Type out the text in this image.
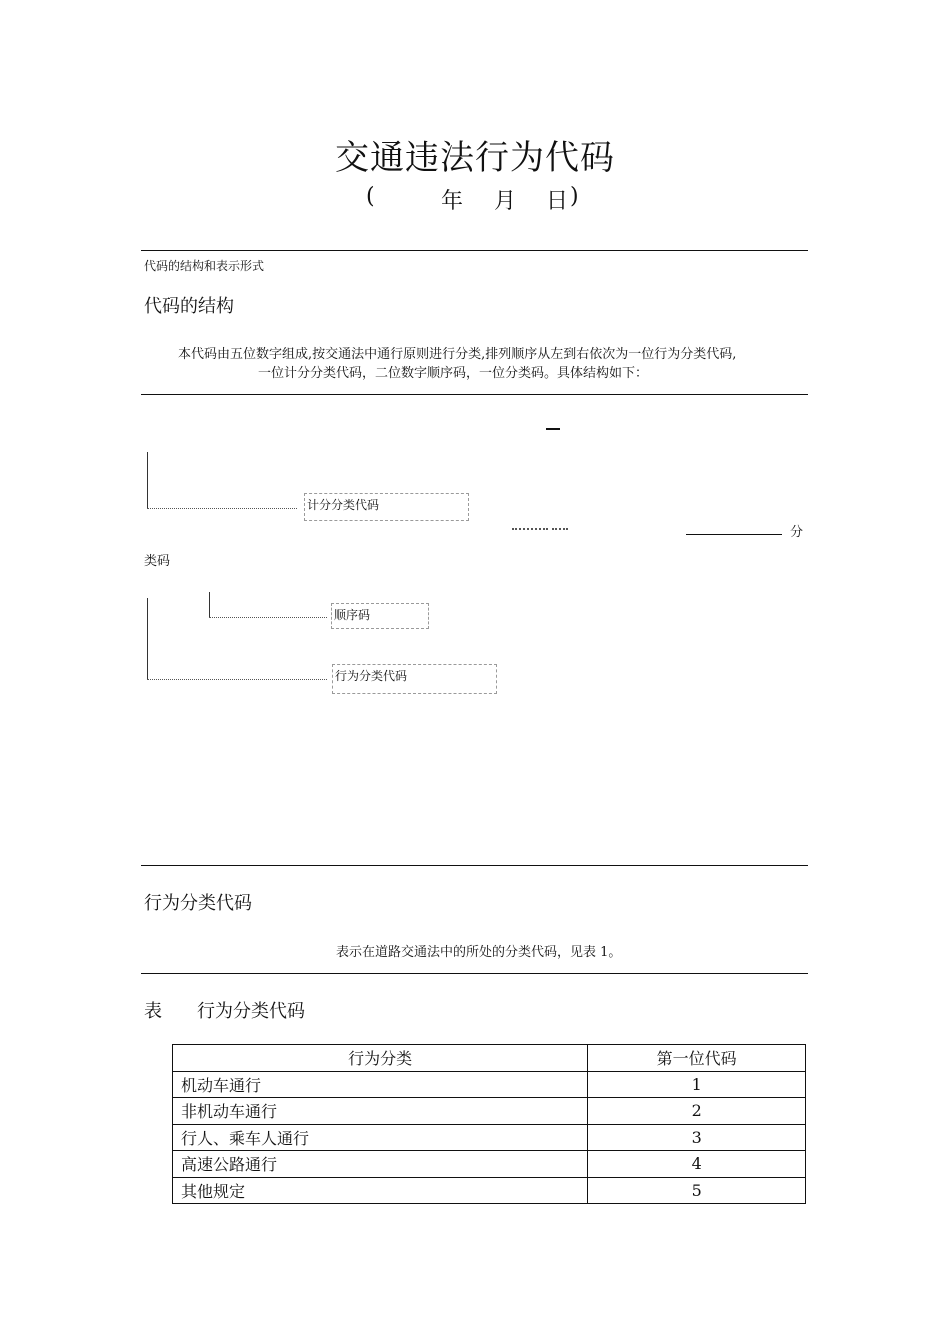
交通违法行为代码
(	年 月 日 )
代码的结构和表示形式
代码的结构
本代码由五位数字组成,按交通法中通行原则进行分类,排列顺序从左到右依次为一位行为分类代码,
一位计分分类代码，二位数字顺序码，一位分类码。具体结构如下：
计分分类代码
分
类码
顺序码
行为分类代码
行为分类代码
表示在道路交通法中的所处的分类代码，见表 1。
表 行为分类代码
行为分类	第一位代码
机动车通行	1
非机动车通行	2
行人、乘车人通行	3
高速公路通行	4
其他规定	5
